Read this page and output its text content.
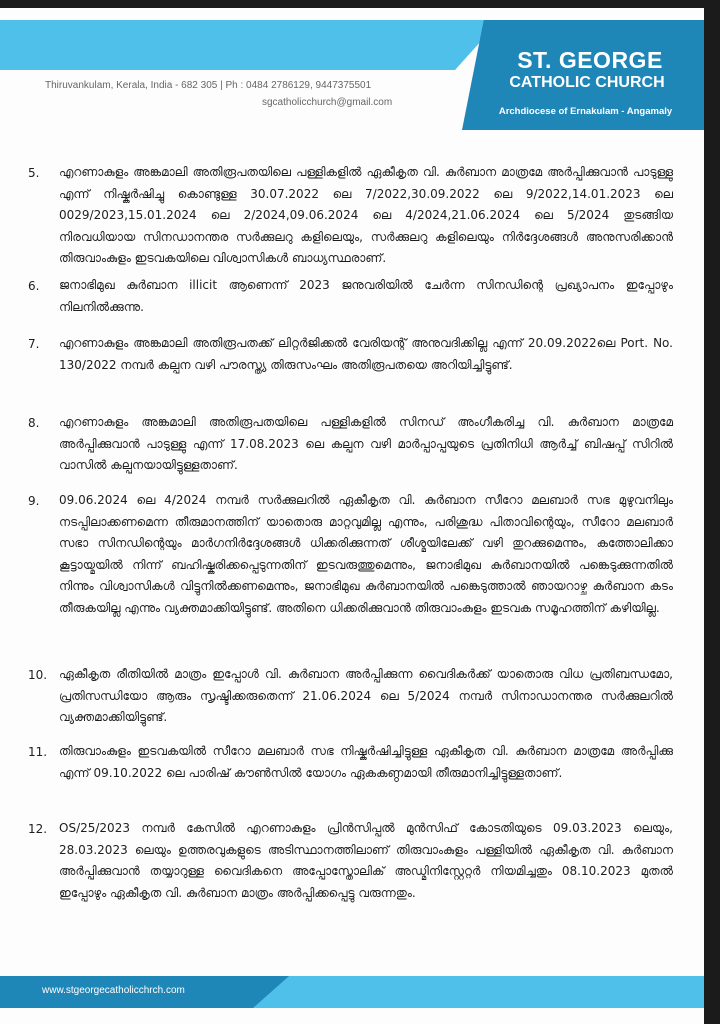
ST. GEORGE
CATHOLIC CHURCH
Archdiocese of Ernakulam - Angamaly
Thiruvankulam, Kerala, India - 682 305 | Ph : 0484 2786129, 9447375501
sgcatholicchurch@gmail.com
5. എറണാകുളം അങ്കമാലി അതിരൂപതയിലെ പള്ളികളിൽ ഏകീകൃത വി. കുർബാന മാത്രമേ അർപ്പിക്കുവാൻ പാടുള്ളു എന്ന് നിഷ്കർഷിച്ചു കൊണ്ടുള്ള 30.07.2022 ലെ 7/2022,30.09.2022 ലെ 9/2022,14.01.2023 ലെ 0029/2023,15.01.2024 ലെ 2/2024,09.06.2024 ലെ 4/2024,21.06.2024 ലെ 5/2024 തുടങ്ങിയ നിരവധിയായ സിനഡാനന്തര സർക്കുലറു കളിലെയും, സർക്കുലറു കളിലെയും നിർദ്ദേശങ്ങൾ അനുസരിക്കാൻ തിരുവാംകുളം ഇടവകയിലെ വിശ്വാസികൾ ബാധ്യസ്ഥരാണ്.
6. ജനാഭിമുഖ കുർബാന illicit ആണെന്ന് 2023 ജനുവരിയിൽ ചേർന്ന സിനഡിന്റെ പ്രഖ്യാപനം ഇപ്പോഴും നിലനിൽക്കുന്നു.
7. എറണാകുളം അങ്കമാലി അതിരൂപതക്ക് ലിറ്റർജിക്കൽ വേരിയന്റ് അനുവദിക്കില്ല എന്ന് 20.09.2022ലെ Port. No. 130/2022 നമ്പർ കല്പന വഴി പൗരസ്ത്യ തിരുസംഘം അതിരൂപതയെ അറിയിച്ചിട്ടുണ്ട്.
8. എറണാകുളം അങ്കമാലി അതിരൂപതയിലെ പള്ളികളിൽ സിനഡ് അംഗീകരിച്ച വി. കുർബാന മാത്രമേ അർപ്പിക്കുവാൻ പാടുള്ളു എന്ന് 17.08.2023 ലെ കല്പന വഴി മാർപ്പാപ്പയുടെ പ്രതിനിധി ആർച്ച് ബിഷപ്പ് സിറിൽ വാസിൽ കല്പനയായിട്ടുള്ളതാണ്.
9. 09.06.2024 ലെ 4/2024 നമ്പർ സർക്കുലറിൽ ഏകീകൃത വി. കുർബാന സീറോ മലബാർ സഭ മുഴുവനിലും നടപ്പിലാക്കണമെന്ന തീരുമാനത്തിന് യാതൊരു മാറ്റവുമില്ല എന്നും, പരിശുദ്ധ പിതാവിന്റെയും, സീറോ മലബാർ സഭാ സിനഡിന്റെയും മാർഗനിർദ്ദേശങ്ങൾ ധിക്കരിക്കുന്നത് ശീശ്മയിലേക്ക് വഴി തുറക്കുമെന്നും, കത്തോലിക്കാ കൂട്ടായ്മയിൽ നിന്ന് ബഹിഷ്കരിക്കപ്പെടുന്നതിന് ഇടവരുത്തുമെന്നും, ജനാഭിമുഖ കുർബാനയിൽ പങ്കെടുക്കുന്നതിൽ നിന്നും വിശ്വാസികൾ വിട്ടുനിൽക്കണമെന്നും, ജനാഭിമുഖ കുർബാനയിൽ പങ്കെടുത്താൽ ഞായറാഴ്ച കുർബാന കടം തീരുകയില്ല എന്നും വ്യക്തമാക്കിയിട്ടുണ്ട്. അതിനെ ധിക്കരിക്കുവാൻ തിരുവാംകുളം ഇടവക സമൂഹത്തിന് കഴിയില്ല.
10. ഏകീകൃത രീതിയിൽ മാത്രം ഇപ്പോൾ വി. കുർബാന അർപ്പിക്കുന്ന വൈദികർക്ക് യാതൊരു വിധ പ്രതിബന്ധമോ, പ്രതിസന്ധിയോ ആരും സൃഷ്ടിക്കരുതെന്ന് 21.06.2024 ലെ 5/2024 നമ്പർ സിനാഡാനന്തര സർക്കുലറിൽ വ്യക്തമാക്കിയിട്ടുണ്ട്.
11. തിരുവാംകുളം ഇടവകയിൽ സീറോ മലബാർ സഭ നിഷ്കർഷിച്ചിട്ടുള്ള ഏകീകൃത വി. കുർബാന മാത്രമേ അർപ്പിക്കു എന്ന് 09.10.2022 ലെ പാരിഷ് കൗൺസിൽ യോഗം ഏകകണ്ഠമായി തീരുമാനിച്ചിട്ടുള്ളതാണ്.
12. OS/25/2023 നമ്പർ കേസിൽ എറണാകുളം പ്രിൻസിപ്പൽ മുൻസിഫ് കോടതിയുടെ 09.03.2023 ലെയും, 28.03.2023 ലെയും ഉത്തരവുകളുടെ അടിസ്ഥാനത്തിലാണ് തിരുവാംകുളം പള്ളിയിൽ ഏകീകൃത വി. കുർബാന അർപ്പിക്കുവാൻ തയ്യാറുള്ള വൈദികനെ അപ്പോസ്തോലിക് അഡ്മിനിസ്റ്റേറ്റർ നിയമിച്ചതും 08.10.2023 മുതൽ ഇപ്പോഴും ഏകീകൃത വി. കുർബാന മാത്രം അർപ്പിക്കപ്പെട്ടു വരുന്നതും.
www.stgeorgecatholicchrch.com
